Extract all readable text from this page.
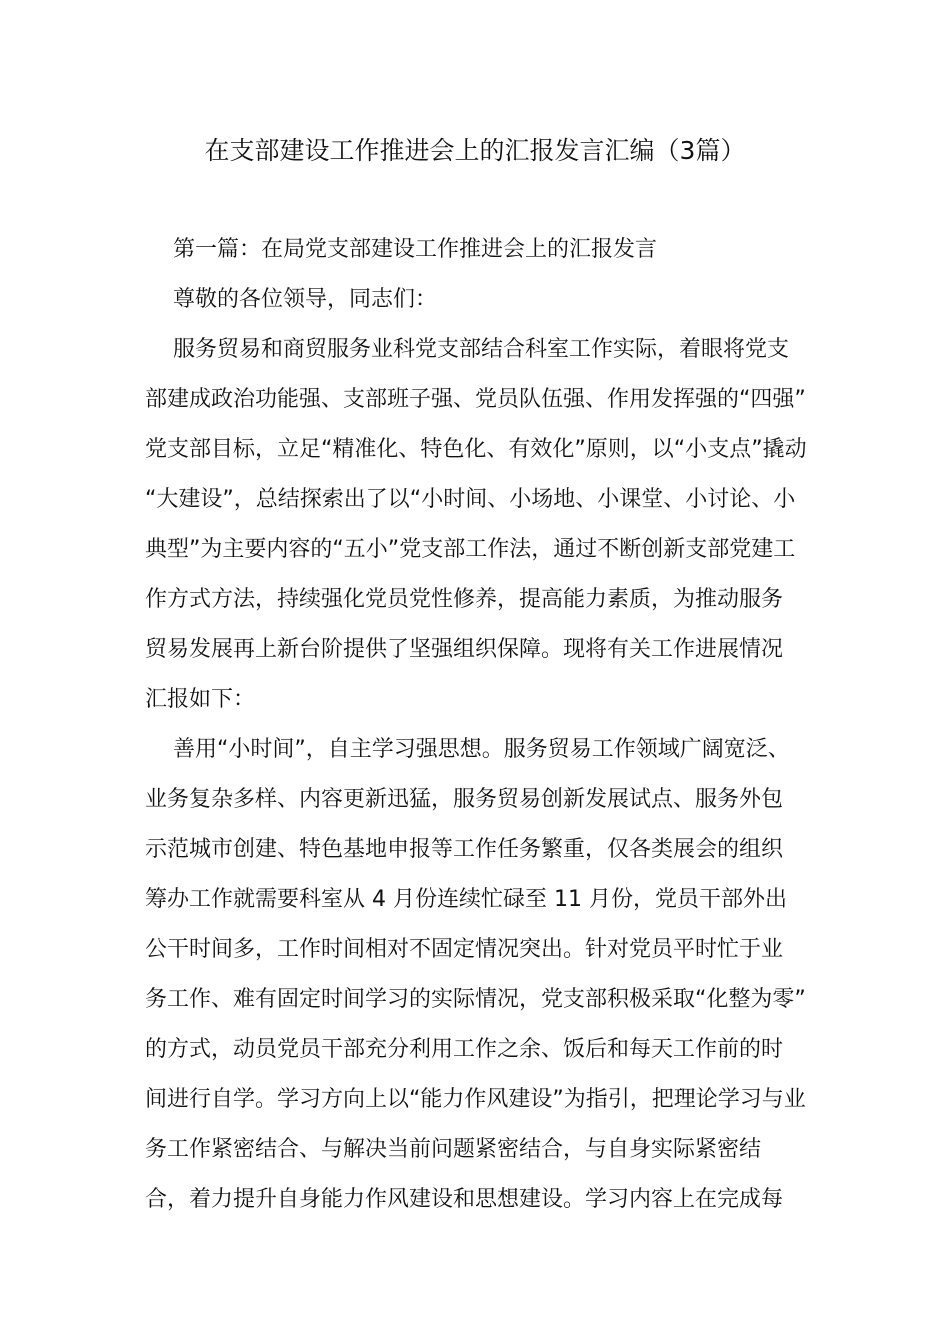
在支部建设工作推进会上的汇报发言汇编（3篇）
第一篇：在局党支部建设工作推进会上的汇报发言
尊敬的各位领导，同志们：
服务贸易和商贸服务业科党支部结合科室工作实际，着眼将党支
部建成政治功能强、支部班子强、党员队伍强、作用发挥强的“四强”
党支部目标，立足“精准化、特色化、有效化”原则，以“小支点”撬动
“大建设”，总结探索出了以“小时间、小场地、小课堂、小讨论、小
典型”为主要内容的“五小”党支部工作法，通过不断创新支部党建工
作方式方法，持续强化党员党性修养，提高能力素质，为推动服务
贸易发展再上新台阶提供了坚强组织保障。现将有关工作进展情况
汇报如下：
善用“小时间”，自主学习强思想。服务贸易工作领域广阔宽泛、
业务复杂多样、内容更新迅猛，服务贸易创新发展试点、服务外包
示范城市创建、特色基地申报等工作任务繁重，仅各类展会的组织
筹办工作就需要科室从 4 月份连续忙碌至 11 月份，党员干部外出
公干时间多，工作时间相对不固定情况突出。针对党员平时忙于业
务工作、难有固定时间学习的实际情况，党支部积极采取“化整为零”
的方式，动员党员干部充分利用工作之余、饭后和每天工作前的时
间进行自学。学习方向上以“能力作风建设”为指引，把理论学习与业
务工作紧密结合、与解决当前问题紧密结合，与自身实际紧密结
合，着力提升自身能力作风建设和思想建设。学习内容上在完成每
